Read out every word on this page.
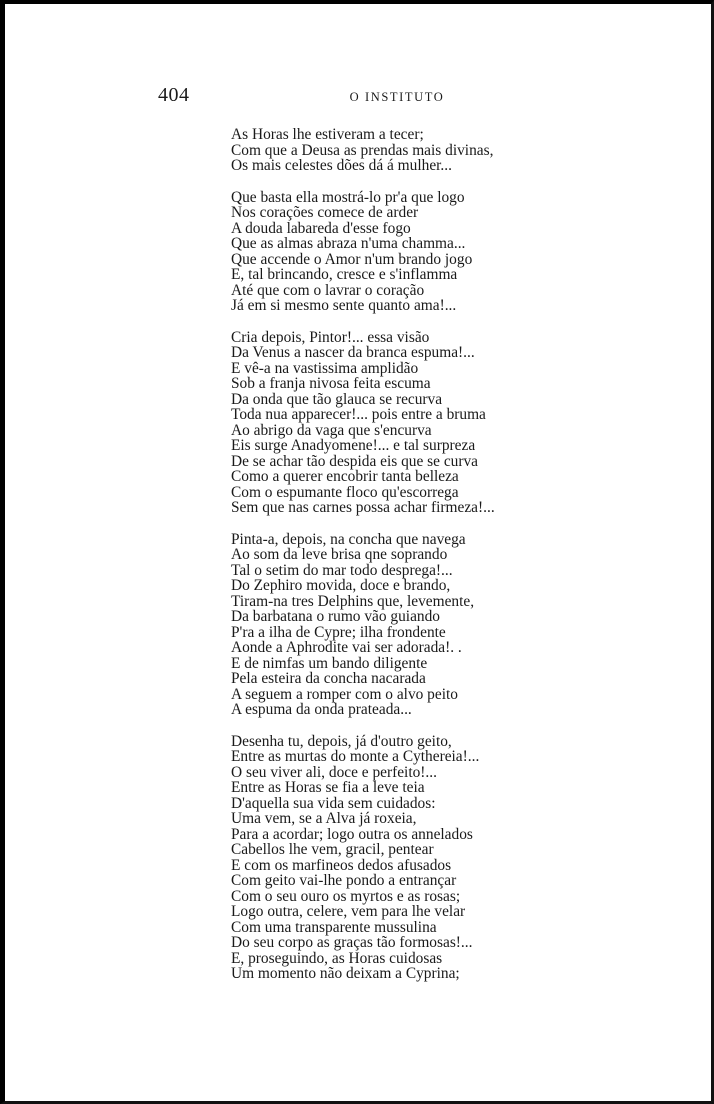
404	O INSTITUTO
As Horas lhe estiveram a tecer;
Com que a Deusa as prendas mais divinas,
Os mais celestes dões dá á mulher...
Que basta ella mostrá-lo pr'a que logo
Nos corações comece de arder
A douda labareda d'esse fogo
Que as almas abraza n'uma chamma...
Que accende o Amor n'um brando jogo
E, tal brincando, cresce e s'inflamma
Até que com o lavrar o coração
Já em si mesmo sente quanto ama!...
Cria depois, Pintor!... essa visão
Da Venus a nascer da branca espuma!...
E vê-a na vastissima amplidão
Sob a franja nivosa feita escuma
Da onda que tão glauca se recurva
Toda nua apparecer!... pois entre a bruma
Ao abrigo da vaga que s'encurva
Eis surge Anadyomene!... e tal surpreza
De se achar tão despida eis que se curva
Como a querer encobrir tanta belleza
Com o espumante floco qu'escorrega
Sem que nas carnes possa achar firmeza!...
Pinta-a, depois, na concha que navega
Ao som da leve brisa qne soprando
Tal o setim do mar todo desprega!...
Do Zephiro movida, doce e brando,
Tiram-na tres Delphins que, levemente,
Da barbatana o rumo vão guiando
P'ra a ilha de Cypre; ilha frondente
Aonde a Aphrodite vai ser adorada!. .
E de nimfas um bando diligente
Pela esteira da concha nacarada
A seguem a romper com o alvo peito
A espuma da onda prateada...
Desenha tu, depois, já d'outro geito,
Entre as murtas do monte a Cythereia!...
O seu viver ali, doce e perfeito!...
Entre as Horas se fia a leve teia
D'aquella sua vida sem cuidados:
Uma vem, se a Alva já roxeia,
Para a acordar; logo outra os annelados
Cabellos lhe vem, gracil, pentear
E com os marfineos dedos afusados
Com geito vai-lhe pondo a entrançar
Com o seu ouro os myrtos e as rosas;
Logo outra, celere, vem para lhe velar
Com uma transparente mussulina
Do seu corpo as graças tão formosas!...
E, proseguindo, as Horas cuidosas
Um momento não deixam a Cyprina;
